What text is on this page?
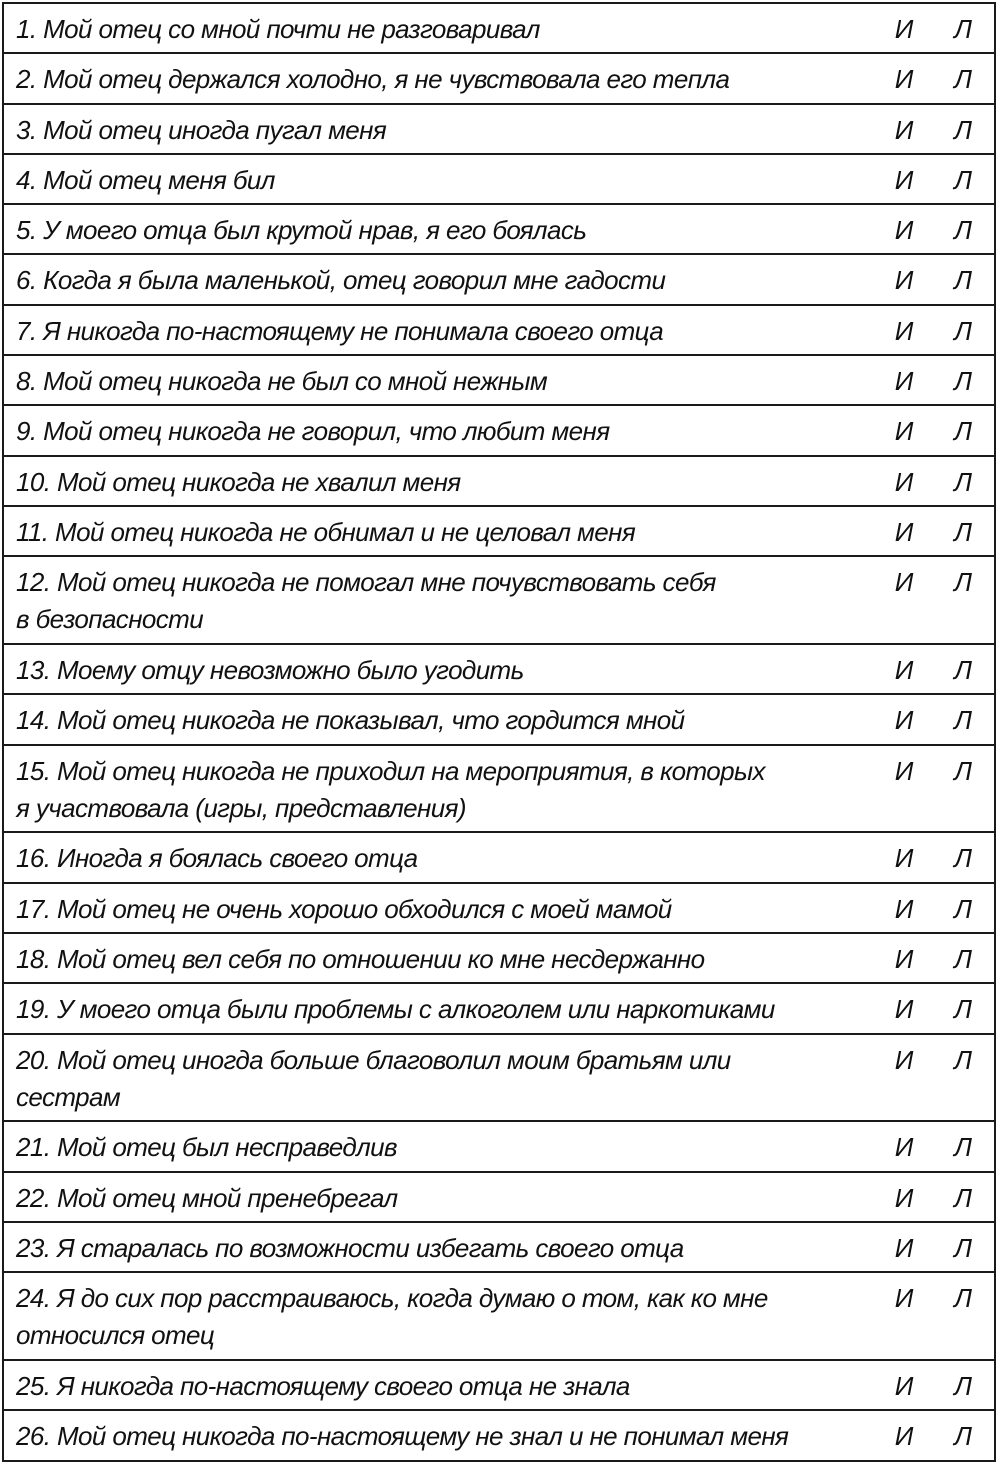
1. Мой отец со мной почти не разговаривал	И	Л
2. Мой отец держался холодно, я не чувствовала его тепла	И	Л
3. Мой отец иногда пугал меня	И	Л
4. Мой отец меня бил	И	Л
5. У моего отца был крутой нрав, я его боялась	И	Л
6. Когда я была маленькой, отец говорил мне гадости	И	Л
7. Я никогда по-настоящему не понимала своего отца	И	Л
8. Мой отец никогда не был со мной нежным	И	Л
9. Мой отец никогда не говорил, что любит меня	И	Л
10. Мой отец никогда не хвалил меня	И	Л
11. Мой отец никогда не обнимал и не целовал меня	И	Л
12. Мой отец никогда не помогал мне почувствовать себя
в безопасности
И	Л
13. Моему отцу невозможно было угодить	И	Л
14. Мой отец никогда не показывал, что гордится мной	И	Л
15. Мой отец никогда не приходил на мероприятия, в которых
я участвовала (игры, представления)
И	Л
16. Иногда я боялась своего отца	И	Л
17. Мой отец не очень хорошо обходился с моей мамой	И	Л
18. Мой отец вел себя по отношении ко мне несдержанно	И	Л
19. У моего отца были проблемы с алкоголем или наркотиками	И	Л
20. Мой отец иногда больше благоволил моим братьям или
сестрам
И	Л
21. Мой отец был несправедлив	И	Л
22. Мой отец мной пренебрегал	И	Л
23. Я старалась по возможности избегать своего отца	И	Л
24. Я до сих пор расстраиваюсь, когда думаю о том, как ко мне
относился отец
И	Л
25. Я никогда по-настоящему своего отца не знала	И	Л
26. Мой отец никогда по-настоящему не знал и не понимал меня	И	Л
